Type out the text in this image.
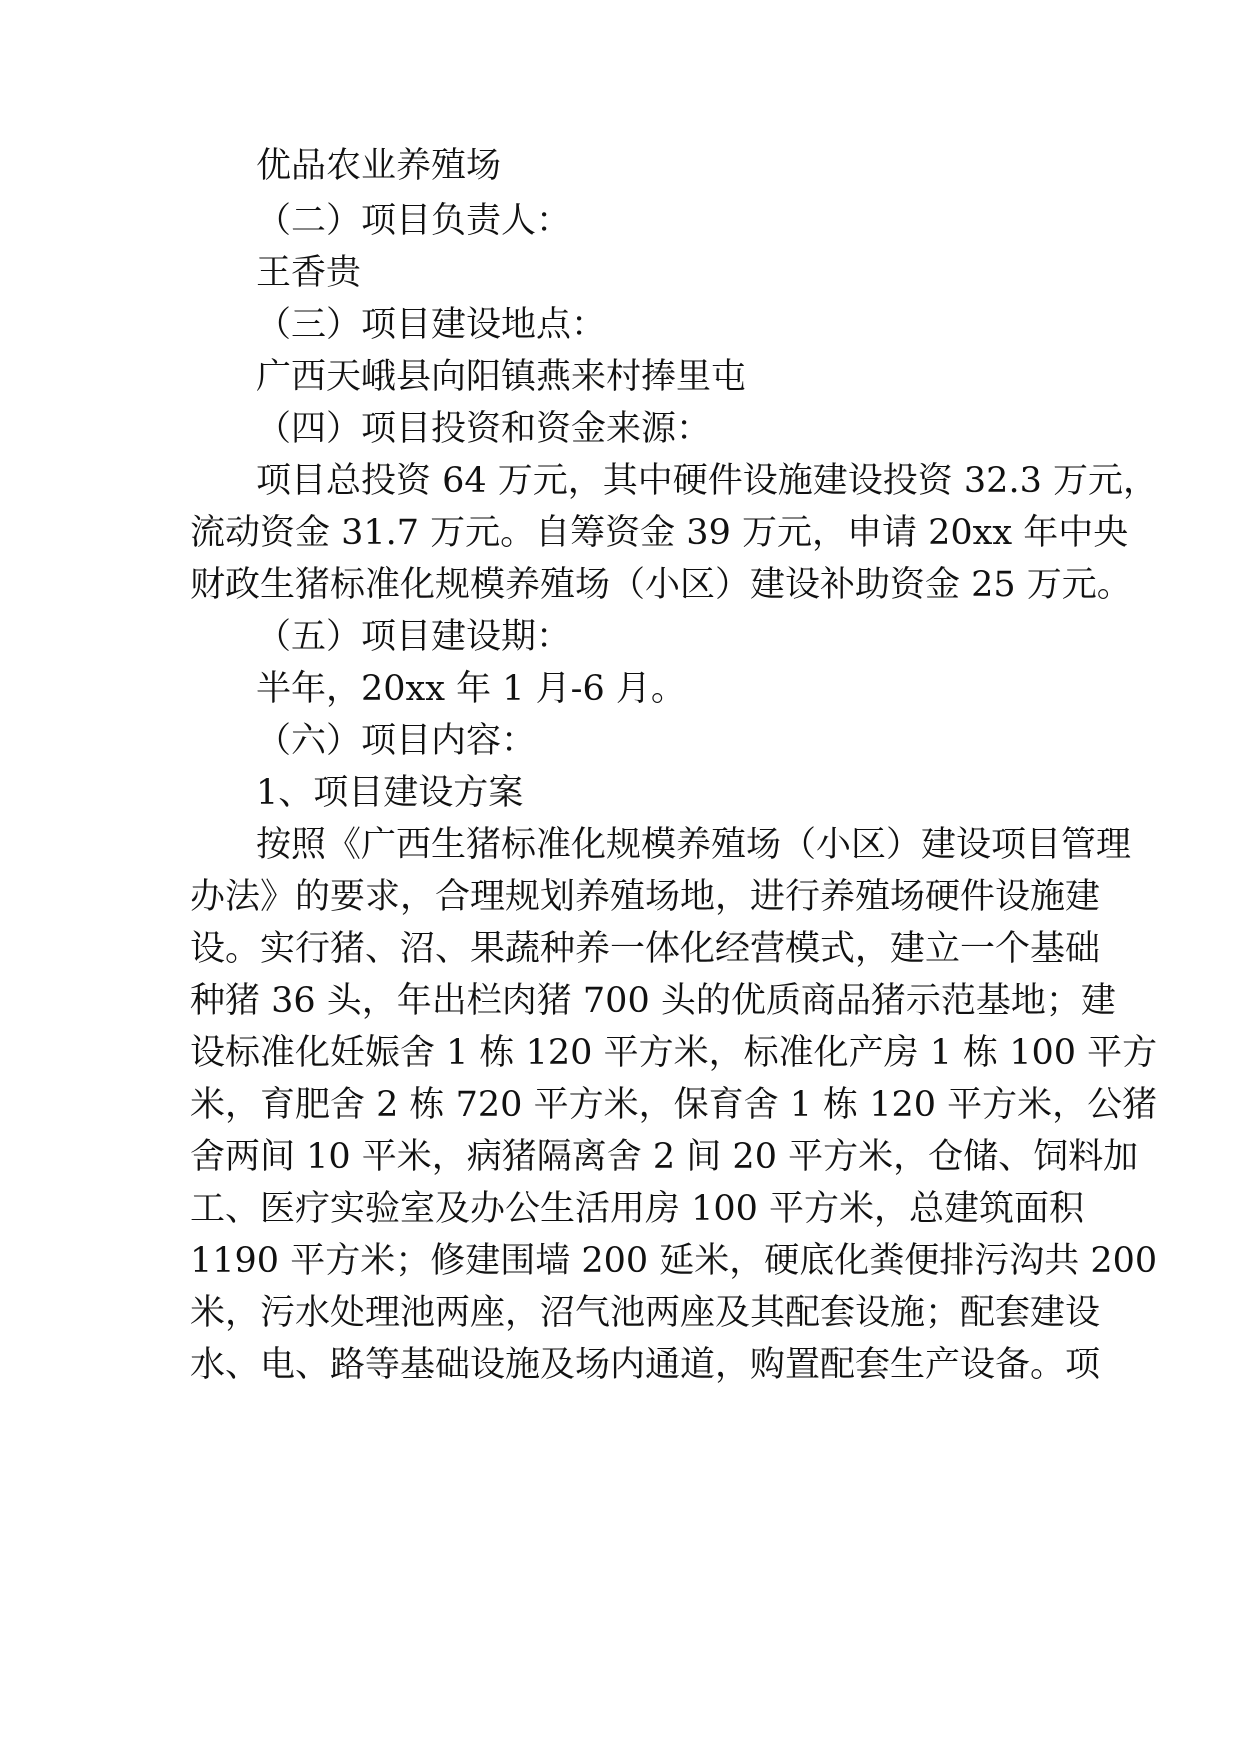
优品农业养殖场
（二）项目负责人：
王香贵
（三）项目建设地点：
广西天峨县向阳镇燕来村捧里屯
（四）项目投资和资金来源：
项目总投资 64 万元，其中硬件设施建设投资 32.3 万元，
流动资金 31.7 万元。自筹资金 39 万元，申请 20xx 年中央
财政生猪标准化规模养殖场（小区）建设补助资金 25 万元。
（五）项目建设期：
半年，20xx 年 1 月-6 月。
（六）项目内容：
1、项目建设方案
按照《广西生猪标准化规模养殖场（小区）建设项目管理
办法》的要求，合理规划养殖场地，进行养殖场硬件设施建
设。实行猪、沼、果蔬种养一体化经营模式，建立一个基础
种猪 36 头，年出栏肉猪 700 头的优质商品猪示范基地；建
设标准化妊娠舍 1 栋 120 平方米，标准化产房 1 栋 100 平方
米，育肥舍 2 栋 720 平方米，保育舍 1 栋 120 平方米，公猪
舍两间 10 平米，病猪隔离舍 2 间 20 平方米，仓储、饲料加
工、医疗实验室及办公生活用房 100 平方米，总建筑面积
1190 平方米；修建围墙 200 延米，硬底化粪便排污沟共 200
米，污水处理池两座，沼气池两座及其配套设施；配套建设
水、电、路等基础设施及场内通道，购置配套生产设备。项
